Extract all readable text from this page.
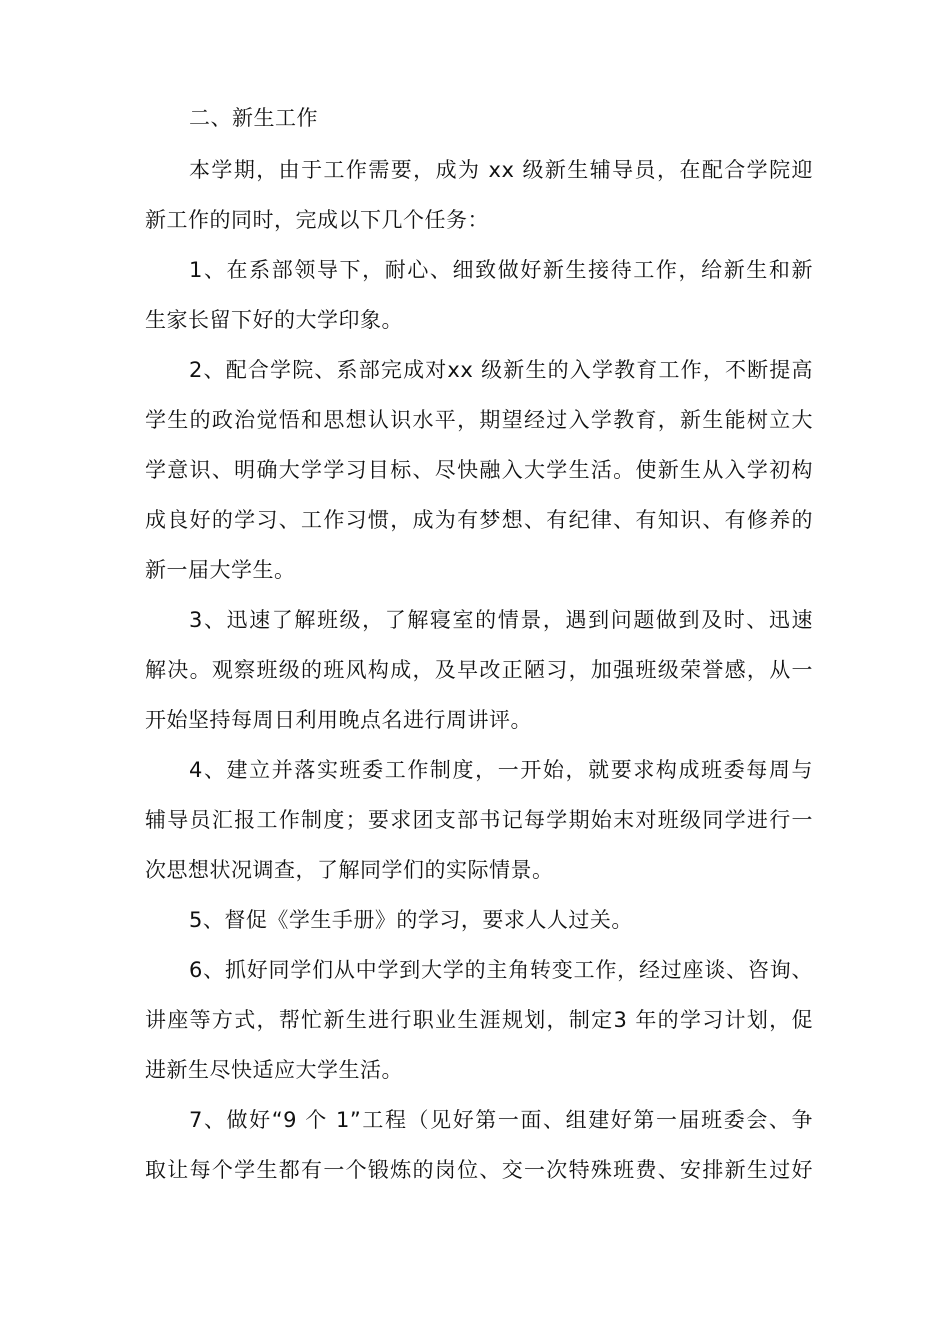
二、新生工作
本学期，由于工作需要，成为 xx 级新生辅导员，在配合学院迎
新工作的同时，完成以下几个任务：
1、在系部领导下，耐心、细致做好新生接待工作，给新生和新
生家长留下好的大学印象。
2、配合学院、系部完成对xx 级新生的入学教育工作，不断提高
学生的政治觉悟和思想认识水平，期望经过入学教育，新生能树立大
学意识、明确大学学习目标、尽快融入大学生活。使新生从入学初构
成良好的学习、工作习惯，成为有梦想、有纪律、有知识、有修养的
新一届大学生。
3、迅速了解班级，了解寝室的情景，遇到问题做到及时、迅速
解决。观察班级的班风构成，及早改正陋习，加强班级荣誉感，从一
开始坚持每周日利用晚点名进行周讲评。
4、建立并落实班委工作制度，一开始，就要求构成班委每周与
辅导员汇报工作制度；要求团支部书记每学期始末对班级同学进行一
次思想状况调查，了解同学们的实际情景。
5、督促《学生手册》的学习，要求人人过关。
6、抓好同学们从中学到大学的主角转变工作，经过座谈、咨询、
讲座等方式，帮忙新生进行职业生涯规划，制定3 年的学习计划，促
进新生尽快适应大学生活。
7、做好“9 个 1”工程（见好第一面、组建好第一届班委会、争
取让每个学生都有一个锻炼的岗位、交一次特殊班费、安排新生过好
